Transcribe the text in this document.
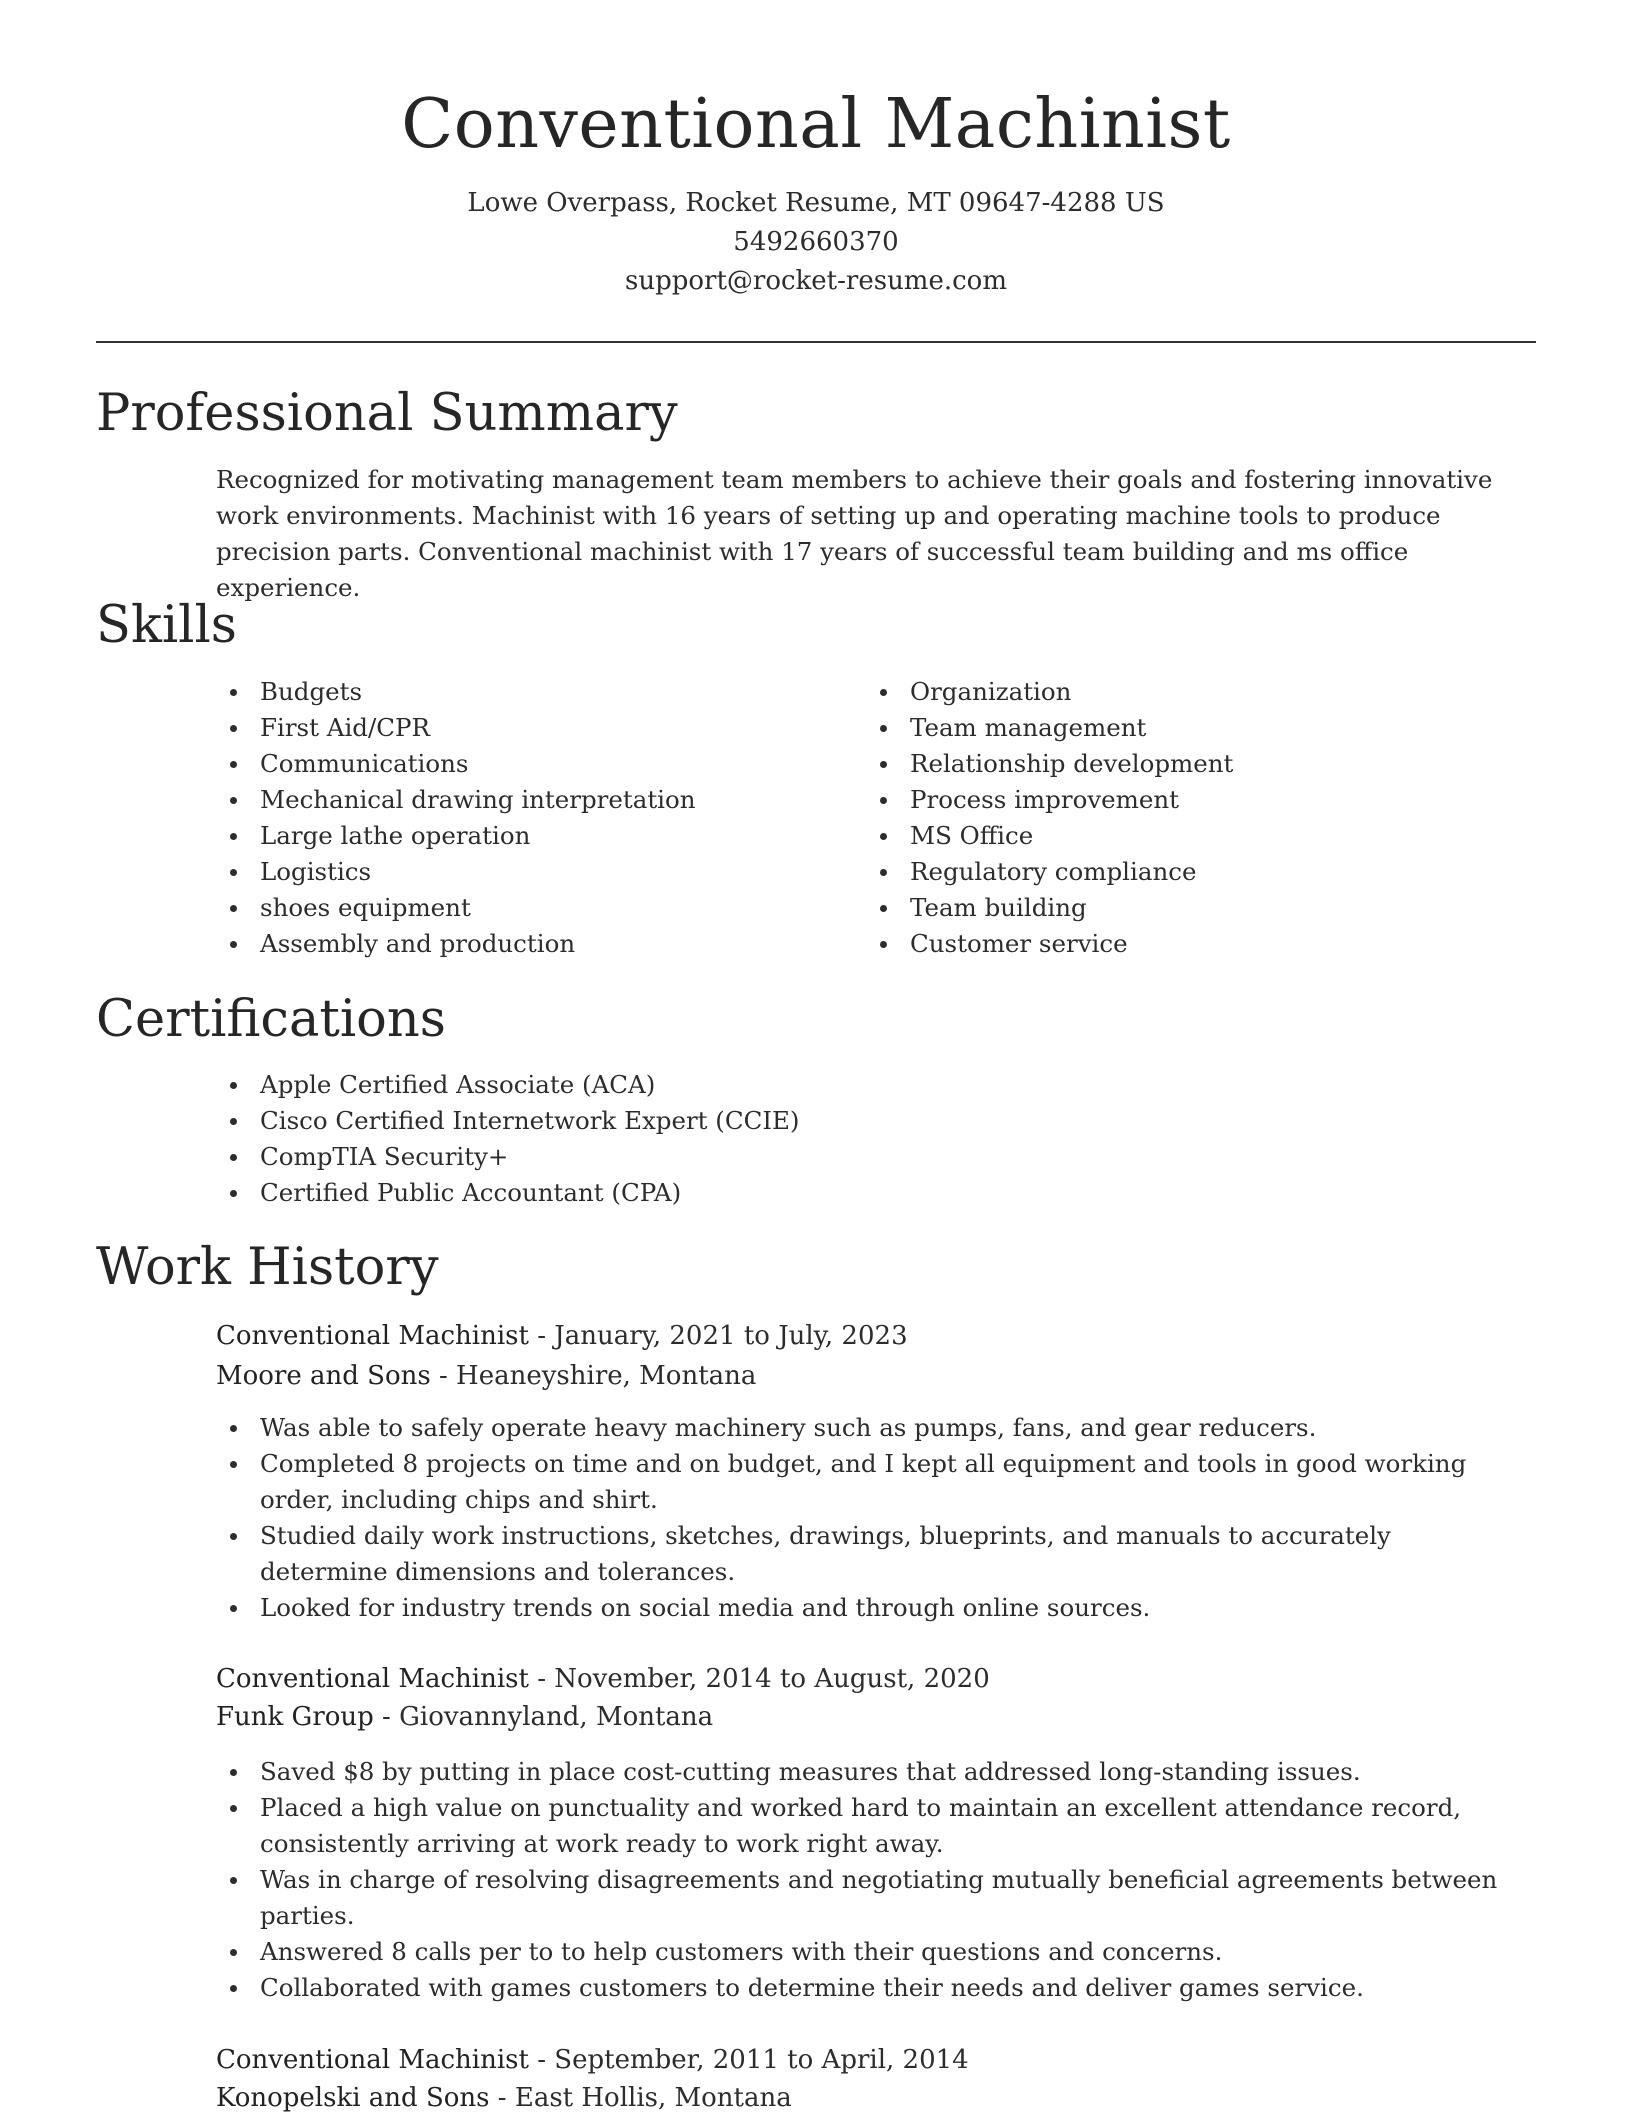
Conventional Machinist
Lowe Overpass, Rocket Resume, MT 09647-4288 US
5492660370
support@rocket-resume.com
Professional Summary
Recognized for motivating management team members to achieve their goals and fostering innovative work environments. Machinist with 16 years of setting up and operating machine tools to produce precision parts. Conventional machinist with 17 years of successful team building and ms office experience.
Skills
Budgets
First Aid/CPR
Communications
Mechanical drawing interpretation
Large lathe operation
Logistics
shoes equipment
Assembly and production
Organization
Team management
Relationship development
Process improvement
MS Office
Regulatory compliance
Team building
Customer service
Certifications
Apple Certified Associate (ACA)
Cisco Certified Internetwork Expert (CCIE)
CompTIA Security+
Certified Public Accountant (CPA)
Work History
Conventional Machinist - January, 2021 to July, 2023
Moore and Sons - Heaneyshire, Montana
Was able to safely operate heavy machinery such as pumps, fans, and gear reducers.
Completed 8 projects on time and on budget, and I kept all equipment and tools in good working order, including chips and shirt.
Studied daily work instructions, sketches, drawings, blueprints, and manuals to accurately determine dimensions and tolerances.
Looked for industry trends on social media and through online sources.
Conventional Machinist - November, 2014 to August, 2020
Funk Group - Giovannyland, Montana
Saved $8 by putting in place cost-cutting measures that addressed long-standing issues.
Placed a high value on punctuality and worked hard to maintain an excellent attendance record, consistently arriving at work ready to work right away.
Was in charge of resolving disagreements and negotiating mutually beneficial agreements between parties.
Answered 8 calls per to to help customers with their questions and concerns.
Collaborated with games customers to determine their needs and deliver games service.
Conventional Machinist - September, 2011 to April, 2014
Konopelski and Sons - East Hollis, Montana
